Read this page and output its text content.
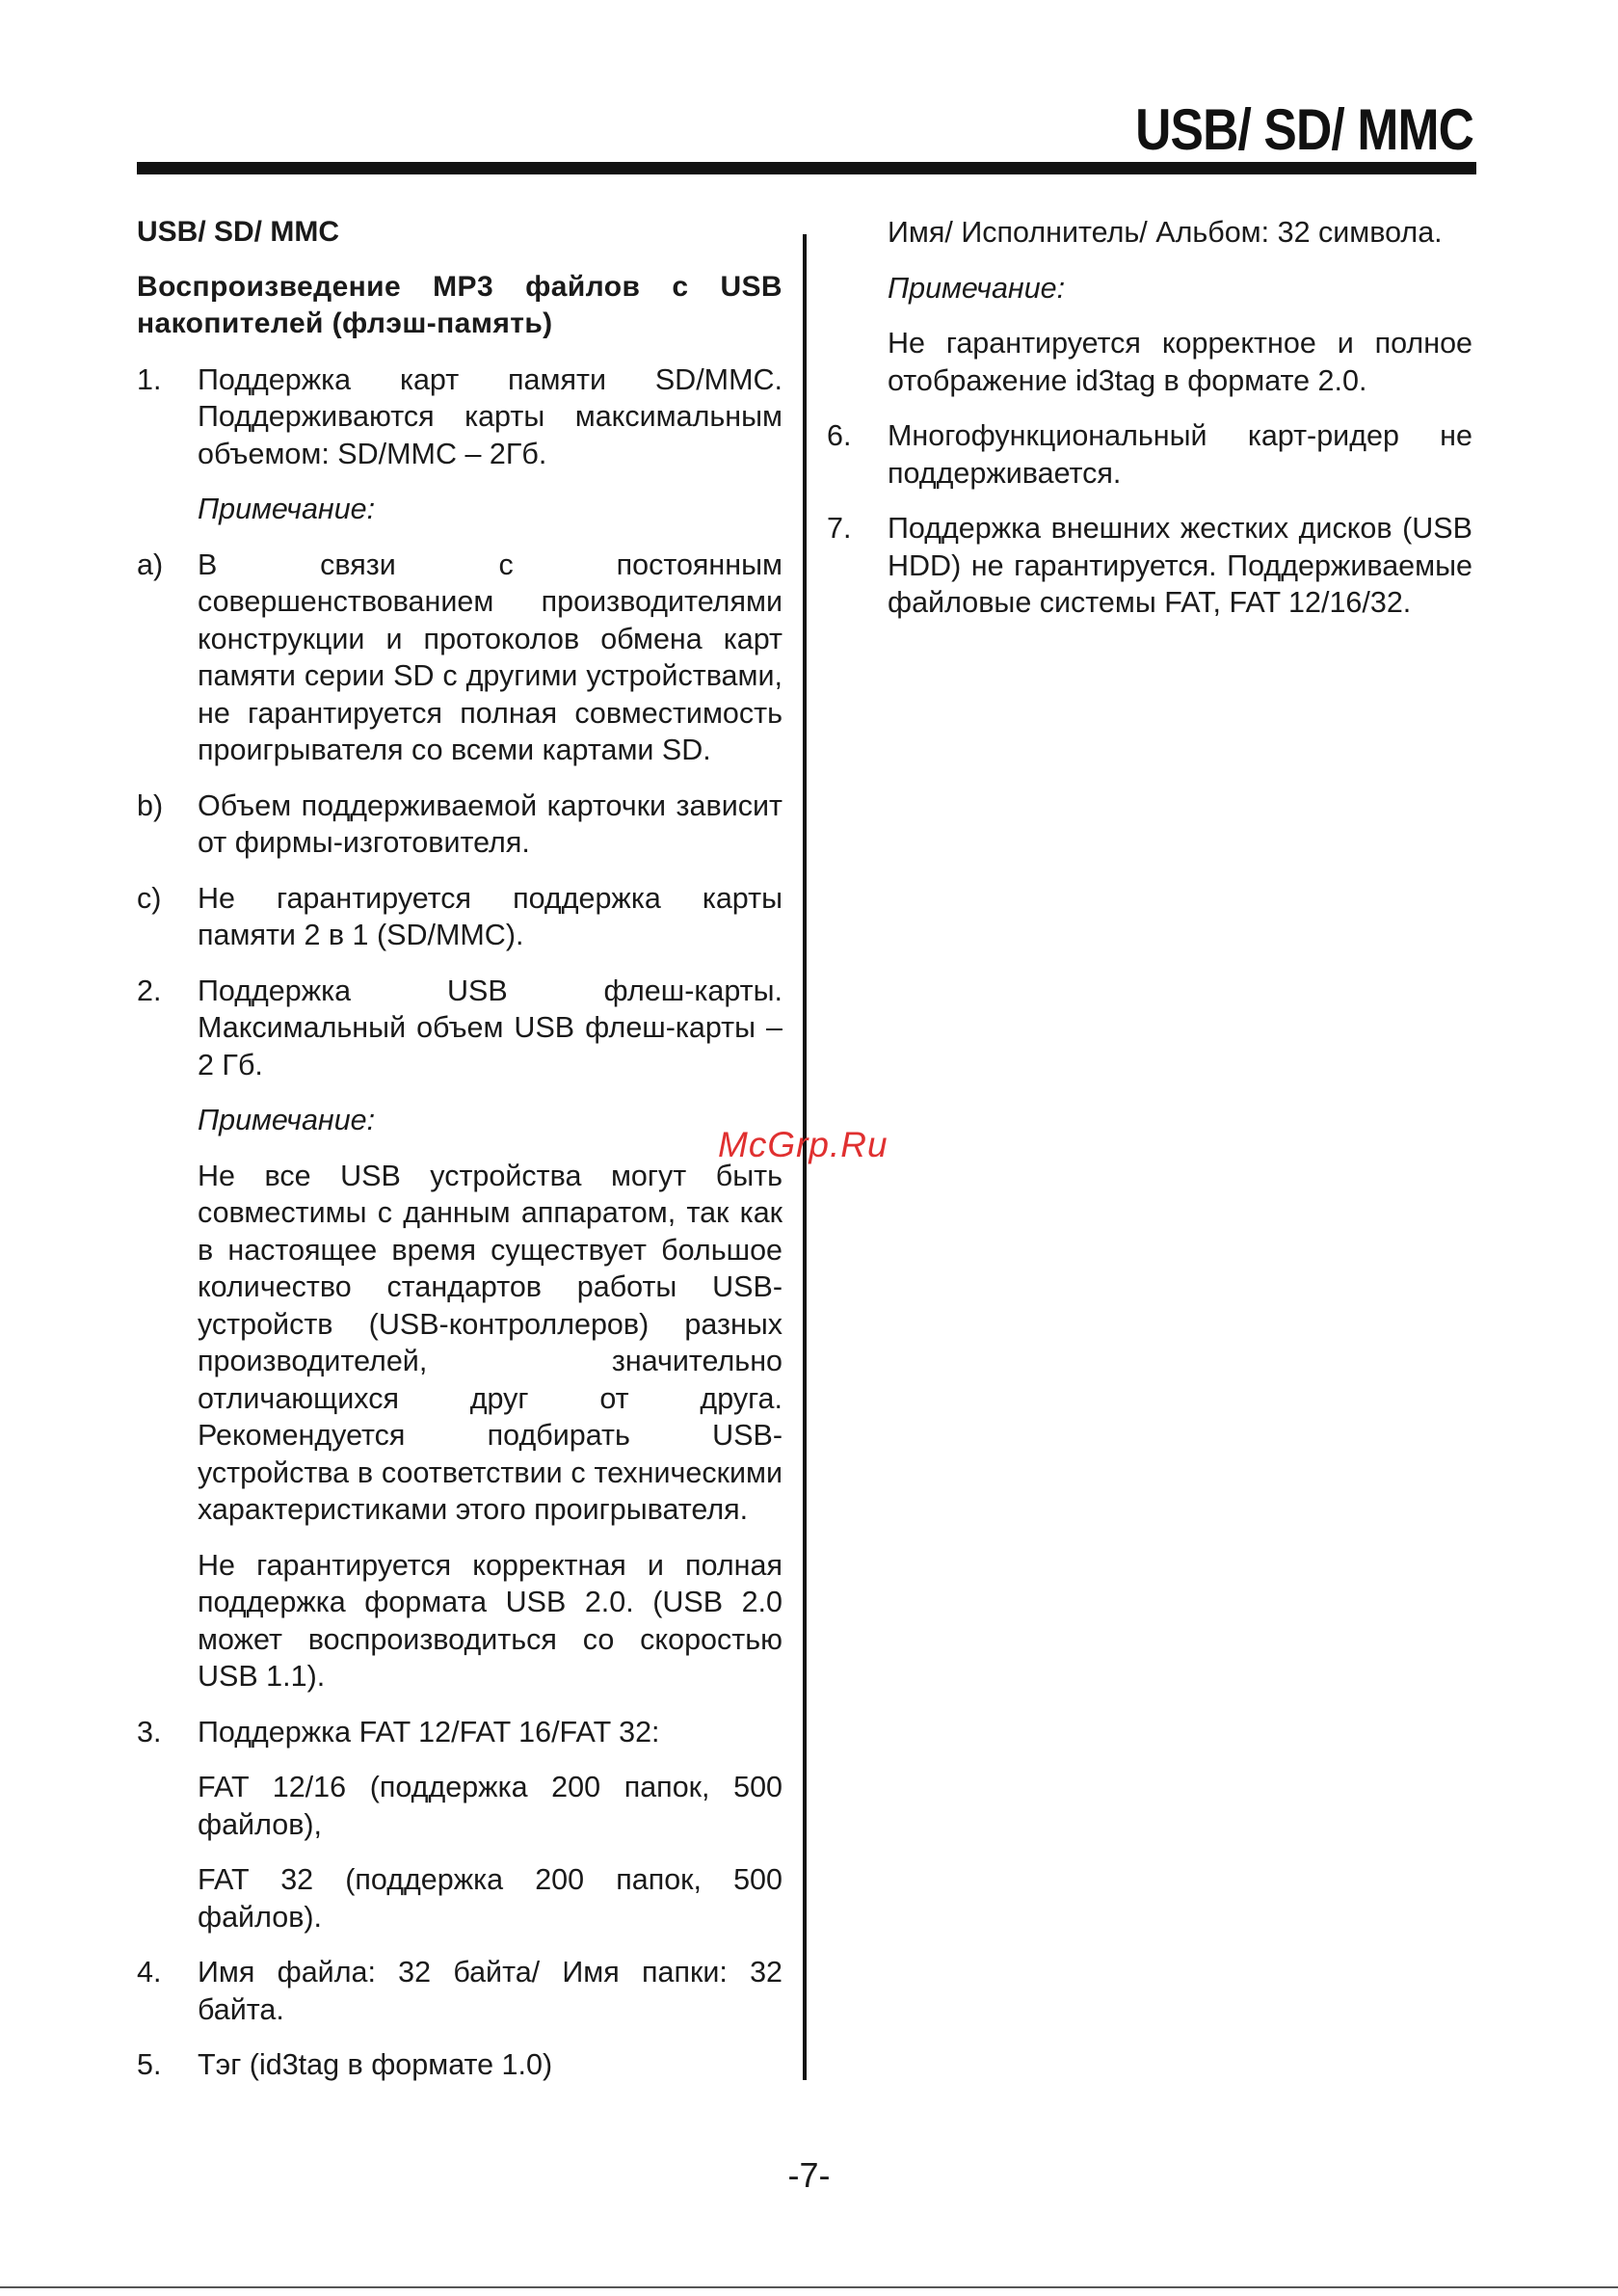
USB/ SD/ MMC
USB/ SD/ MMC
Воспроизведение MP3 файлов с USB накопителей (флэш-память)
1. Поддержка карт памяти SD/MMC. Поддерживаются карты максимальным объемом: SD/MMC – 2Гб.
Примечание:
a) В связи с постоянным совершенствованием производителями конструкции и протоколов обмена карт памяти серии SD с другими устройствами, не гарантируется полная совместимость проигрывателя со всеми картами SD.
b) Объем поддерживаемой карточки зависит от фирмы-изготовителя.
c) Не гарантируется поддержка карты памяти 2 в 1 (SD/MMC).
2. Поддержка USB флеш-карты. Максимальный объем USB флеш-карты – 2 Гб.
Примечание:
Не все USB устройства могут быть совместимы с данным аппаратом, так как в настоящее время существует большое количество стандартов работы USB-устройств (USB-контроллеров) разных производителей, значительно отличающихся друг от друга. Рекомендуется подбирать USB-устройства в соответствии с техническими характеристиками этого проигрывателя.
Не гарантируется корректная и полная поддержка формата USB 2.0. (USB 2.0 может воспроизводиться со скоростью USB 1.1).
3. Поддержка FAT 12/FAT 16/FAT 32:
FAT 12/16 (поддержка 200 папок, 500 файлов),
FAT 32 (поддержка 200 папок, 500 файлов).
4. Имя файла: 32 байта/ Имя папки: 32 байта.
5. Тэг (id3tag в формате 1.0)
Имя/ Исполнитель/ Альбом: 32 символа.
Примечание:
Не гарантируется корректное и полное отображение id3tag в формате 2.0.
6. Многофункциональный карт-ридер не поддерживается.
7. Поддержка внешних жестких дисков (USB HDD) не гарантируется. Поддерживаемые файловые системы FAT, FAT 12/16/32.
McGrp.Ru
-7-
